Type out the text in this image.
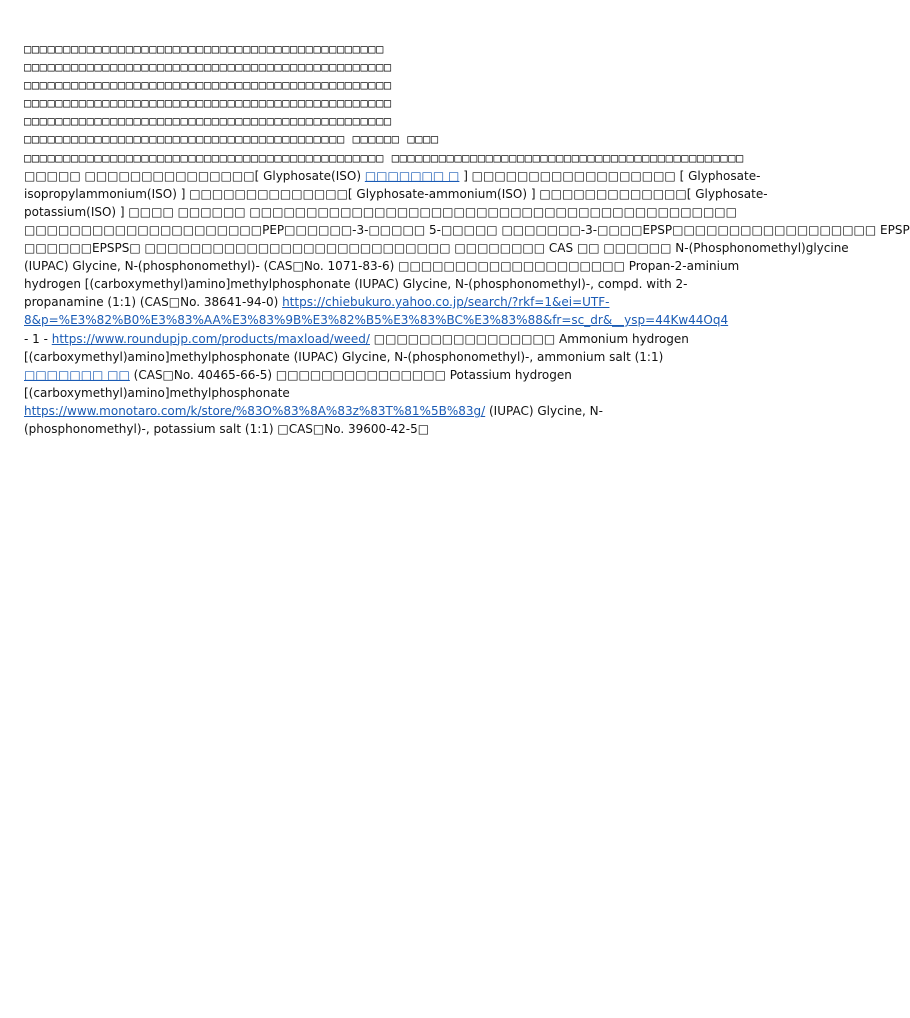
□□□□□□□□□□□□□□□□□□□□□□□□□□□□□□□□□□□□□□□□□□□□□□
□□□□□□□□□□□□□□□□□□□□□□□□□□□□□□□□□□□□□□□□□□□□□□□
□□□□□□□□□□□□□□□□□□□□□□□□□□□□□□□□□□□□□□□□□□□□□□□
□□□□□□□□□□□□□□□□□□□□□□□□□□□□□□□□□□□□□□□□□□□□□□□
□□□□□□□□□□□□□□□□□□□□□□□□□□□□□□□□□□□□□□□□□□□□□□□
□□□□□□□□□□□□□□□□□□□□□□□□□□□□□□□□□□□□□□□□□ □□□□□□ □□□□
□□□□□□□□□□□□□□□□□□□□□□□□□□□□□□□□□□□□□□□□□□□□□□ □□□□□□□□□□□□□□□□□□□□□□□□□□□□□□□□□□□□□□□□□□□□□
□□□□□ □□□□□□□□□□□□□□□[ Glyphosate(ISO) □□□□□□□ □ ] □□□□□□□□□□□□□□□□□□ [ Glyphosate-
isopropylammonium(ISO) ] □□□□□□□□□□□□□□[ Glyphosate-ammonium(ISO) ] □□□□□□□□□□□□□[ Glyphosate-
potassium(ISO) ] □□□□ □□□□□□ □□□□□□□□□□□□□□□□□□□□□□□□□□□□□□□□□□□□□□□□□□□
□□□□□□□□□□□□□□□□□□□□□PEP□□□□□□-3-□□□□□ 5-□□□□□ □□□□□□□-3-□□□□EPSP□□□□□□□□□□□□□□□□□□ EPSP
□□□□□□EPSPS□ □□□□□□□□□□□□□□□□□□□□□□□□□□□ □□□□□□□□ CAS □□ □□□□□□ N-(Phosphonomethyl)glycine
(IUPAC) Glycine, N-(phosphonomethyl)- (CAS□No. 1071-83-6) □□□□□□□□□□□□□□□□□□□□ Propan-2-aminium
hydrogen [(carboxymethyl)amino]methylphosphonate (IUPAC) Glycine, N-(phosphonomethyl)-, compd. with 2-
propanamine (1:1) (CAS□No. 38641-94-0) https://chiebukuro.yahoo.co.jp/search/?rkf=1&ei=UTF-
8&p=%E3%82%B0%E3%83%AA%E3%83%9B%E3%82%B5%E3%83%BC%E3%83%88&fr=sc_dr&__ysp=44Kw44Oq4
- 1 - https://www.roundupjp.com/products/maxload/weed/ □□□□□□□□□□□□□□□□ Ammonium hydrogen
[(carboxymethyl)amino]methylphosphonate (IUPAC) Glycine, N-(phosphonomethyl)-, ammonium salt (1:1)
□□□□□□□ □□ (CAS□No. 40465-66-5) □□□□□□□□□□□□□□□ Potassium hydrogen
[(carboxymethyl)amino]methylphosphonate
https://www.monotaro.com/k/store/%83O%83%8A%83z%83T%81%5B%83g/ (IUPAC) Glycine, N-
(phosphonomethyl)-, potassium salt (1:1) □CAS□No. 39600-42-5□
